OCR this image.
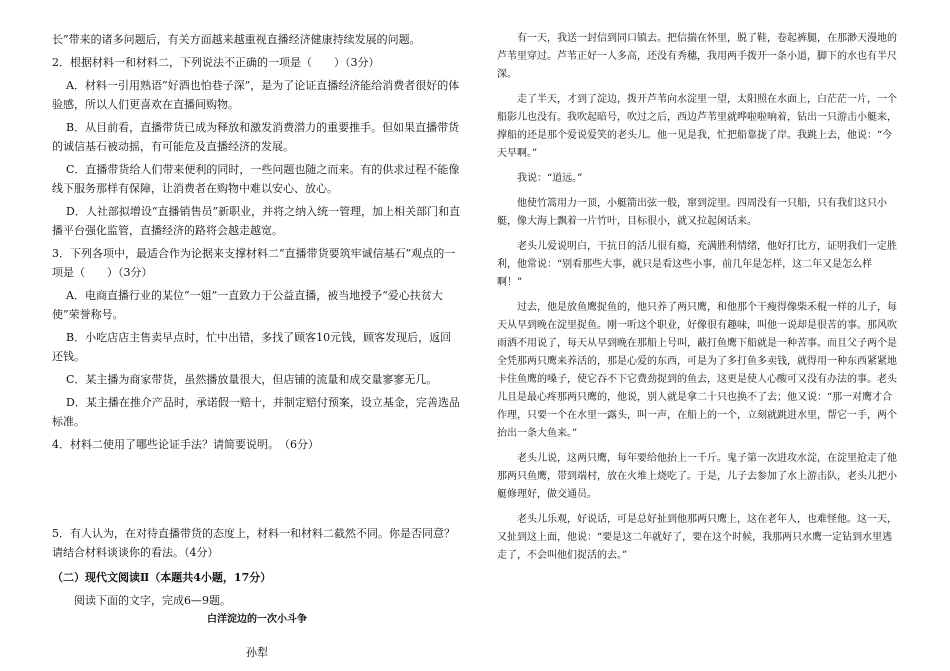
长”带来的诸多问题后，有关方面越来越重视直播经济健康持续发展的问题。

2．根据材料一和材料二，下列说法不正确的一项是（　　）（3分）

A．材料一引用熟语“好酒也怕巷子深”，是为了论证直播经济能给消费者很好的体验感，所以人们更喜欢在直播间购物。

B．从目前看，直播带货已成为释放和激发消费潜力的重要推手。但如果直播带货的诚信基石被动摇，有可能危及直播经济的发展。

C．直播带货给人们带来便利的同时，一些问题也随之而来。有的供求过程不能像线下服务那样有保障，让消费者在购物中难以安心、放心。

D．人社部拟增设“直播销售员”新职业，并将之纳入统一管理，加上相关部门和直播平台强化监管，直播经济的路将会越走越宽。

3．下列各项中，最适合作为论据来支撑材料二“直播带货要筑牢诚信基石”观点的一项是（　　）（3分）

A．电商直播行业的某位“一姐”一直致力于公益直播，被当地授予“爱心扶贫大使”荣誉称号。

B．小吃店店主售卖早点时，忙中出错，多找了顾客10元钱，顾客发现后，返回还钱。

C．某主播为商家带货，虽然播放量很大，但店铺的流量和成交量寥寥无几。

D．某主播在推介产品时，承诺假一赔十，并制定赔付预案，设立基金，完善选品标准。

4．材料二使用了哪些论证手法？请简要说明。　（6分）

5．有人认为，在对待直播带货的态度上，材料一和材料二截然不同。你是否同意？请结合材料谈谈你的看法。（4分）

（二）现代文阅读Ⅱ（本题共4小题，17分）

阅读下面的文字，完成6—9题。

白洋淀边的一次小斗争

孙犁

有一天，我送一封信到同口镇去。把信揣在怀里，脱了鞋，卷起裤腿，在那渺天漫地的芦苇里穿过。芦苇正好一人多高，还没有秀穗，我用两手拨开一条小道，脚下的水也有半尺深。

走了半天，才到了淀边，拨开芦苇向水淀里一望，太阳照在水面上，白茫茫一片，一个船影儿也没有。我吹起暗号，吹过之后，西边芦苇里就哗啦啦响着，钻出一只游击小艇来，撑船的还是那个爱说爱笑的老头儿。他一见是我，忙把船靠拢了岸。我跳上去，他说：“今天早啊。”

我说：“道远。”

他使竹篙用力一顶，小艇箭出弦一般，窜到淀里。四周没有一只船，只有我们这只小艇，像大海上飘着一片竹叶，目标很小，就又拉起闲话来。

老头儿爱说明白，干抗日的活儿很有瘾，充满胜利情绪，他好打比方，证明我们一定胜利，他常说：“别看那些大事，就只是看这些小事，前几年是怎样，这二年又是怎么样啊！”

过去，他是放鱼鹰捉鱼的，他只养了两只鹰，和他那个干瘦得像柴禾棍一样的儿子，每天从早到晚在淀里捉鱼。刚一听这个职业，好像很有趣味，叫他一说却是很苦的事。那风吹雨洒不用说了，每天从早到晚在那船上号叫，蔽打鱼鹰下船就是一种苦事。而且父子两个是全凭那两只鹰来养活的，那是心爱的东西，可是为了多打鱼多卖钱，就得用一种东西紧紧地卡住鱼鹰的嗓子，使它吞不下它费劲捉到的鱼去，这更是使人心酸可又没有办法的事。老头儿且是最心疼那两只鹰的，他说，别人就是拿二十只也换不了去；他又说：“那一对鹰才合作理，只要一个在水里一露头，叫一声，在船上的一个，立刻就跳进水里，帮它一手，两个抬出一条大鱼来。”

老头儿说，这两只鹰，每年要给他抬上一千斤。鬼子第一次进攻水淀，在淀里抢走了他那两只鱼鹰，带到端村，放在火堆上烧吃了。于是，儿子去参加了水上游击队，老头儿把小艇修理好，做交通员。

老头儿乐观，好说话，可是总好扯到他那两只鹰上，这在老年人，也难怪他。这一天，又扯到这上面，他说：“要是这二年就好了，要在这个时候，我那两只水鹰一定钻到水里逃走了，不会叫他们捉活的去。”
